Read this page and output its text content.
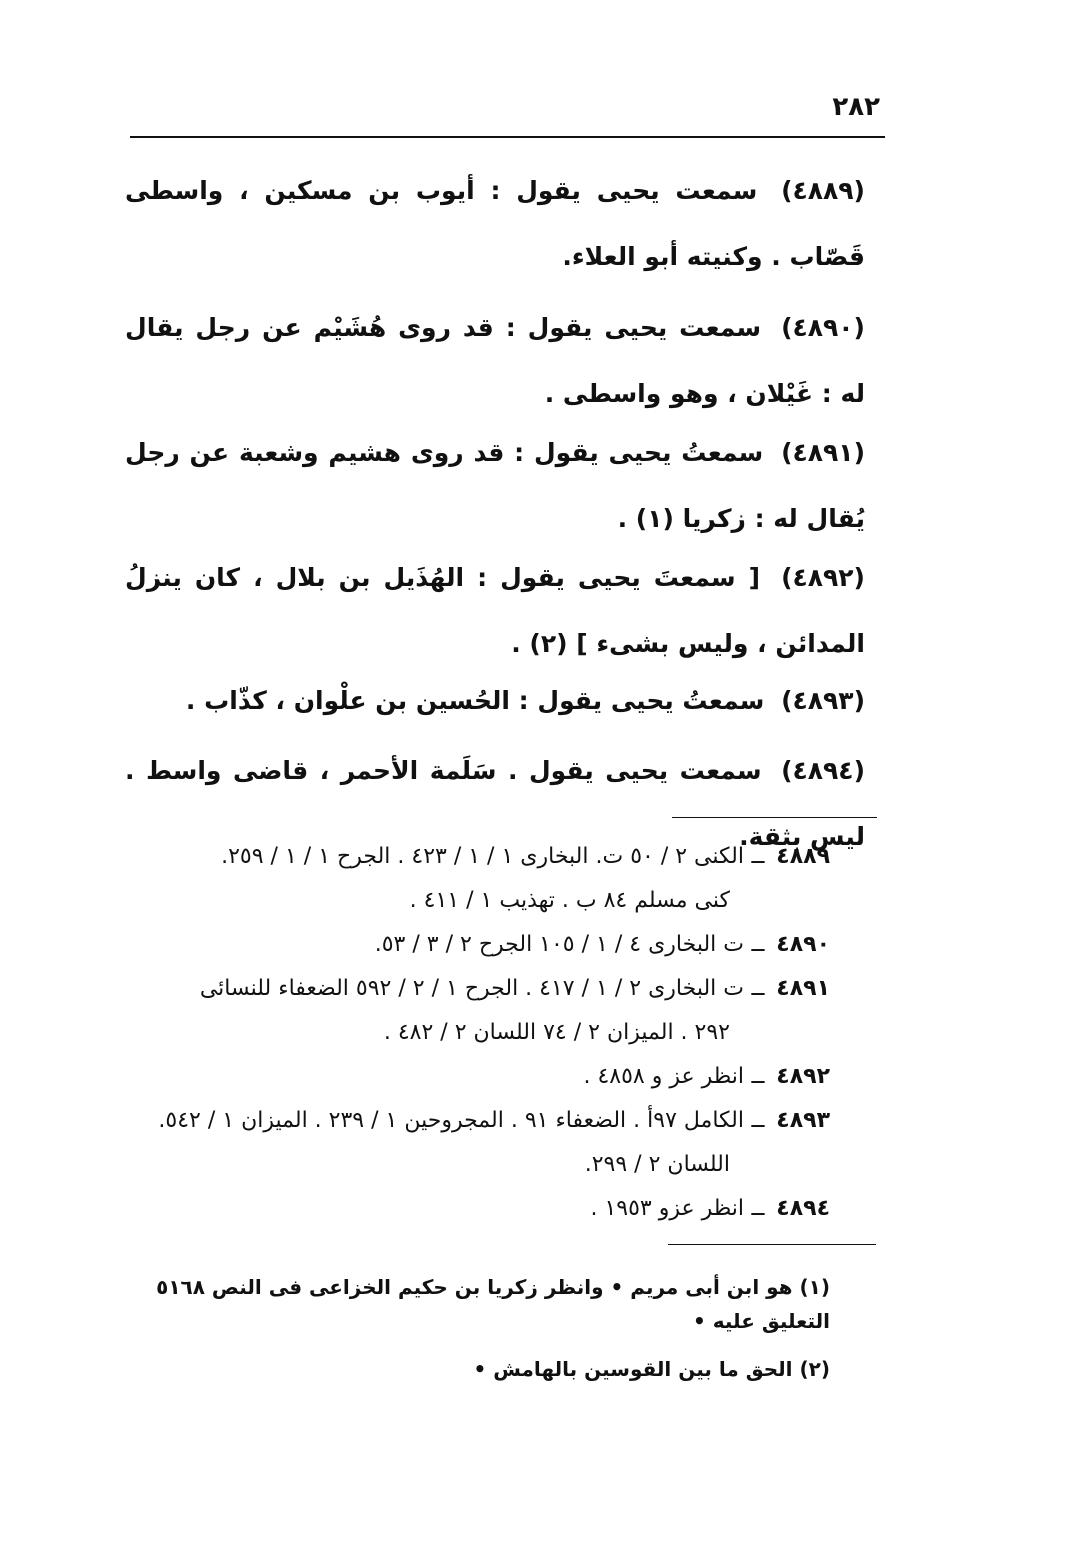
٢٨٢
(٤٨٨٩) سمعت يحيى يقول : أيوب بن مسكين ، واسطى قَصّاب . وكنيته أبو العلاء.
(٤٨٩٠) سمعت يحيى يقول : قد روى هُشَيْم عن رجل يقال له : غَيْلان ، وهو واسطى .
(٤٨٩١) سمعتُ يحيى يقول : قد روى هشيم وشعبة عن رجل يُقال له : زكريا (١) .
(٤٨٩٢) [ سمعتَ يحيى يقول : الهُذَيل بن بلال ، كان ينزلُ المدائن ، وليس بشىء ] (٢) .
(٤٨٩٣) سمعتُ يحيى يقول : الحُسين بن علْوان ، كذّاب .
(٤٨٩٤) سمعت يحيى يقول . سَلَمة الأحمر ، قاضى واسط . ليس بثقة.
٤٨٨٩
ــ
الكنى ٢ / ٥٠ ت. البخارى ١ / ١ / ٤٢٣ . الجرح ١ / ١ / ٢٥٩.
كنى مسلم ٨٤ ب . تهذيب ١ / ٤١١ .
٤٨٩٠
ــ
ت البخارى ٤ / ١ / ١٠٥ الجرح ٢ / ٣ / ٥٣.
٤٨٩١
ــ
ت البخارى ٢ / ١ / ٤١٧ . الجرح ١ / ٢ / ٥٩٢ الضعفاء للنسائى
٢٩٢ . الميزان ٢ / ٧٤ اللسان ٢ / ٤٨٢ .
٤٨٩٢
ــ
انظر عز و ٤٨٥٨ .
٤٨٩٣
ــ
الكامل ٩٧أ . الضعفاء ٩١ . المجروحين ١ / ٢٣٩ . الميزان ١ / ٥٤٢.
اللسان ٢ / ٢٩٩.
٤٨٩٤
ــ
انظر عزو ١٩٥٣ .
(١) هو ابن أبى مريم • وانظر زكريا بن حكيم الخزاعى فى النص ٥١٦٨ التعليق عليه •
(٢) الحق ما بين القوسين بالهامش •
